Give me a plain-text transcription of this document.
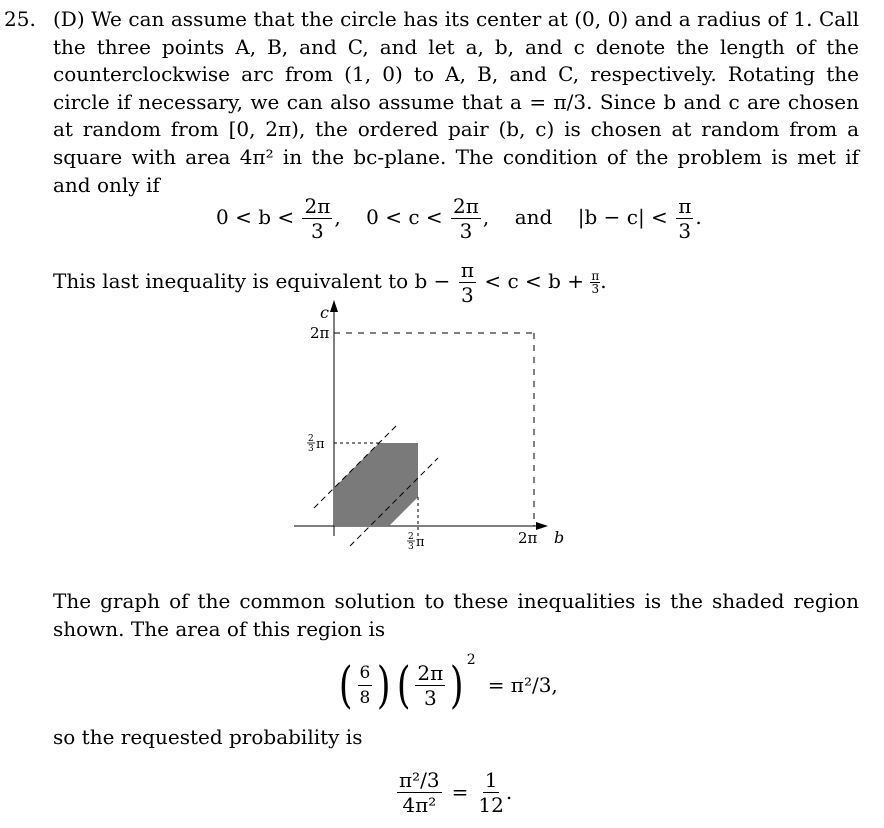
25. (D) We can assume that the circle has its center at (0, 0) and a radius of 1. Call the three points A, B, and C, and let a, b, and c denote the length of the counterclockwise arc from (1, 0) to A, B, and C, respectively. Rotating the circle if necessary, we can also assume that a = π/3. Since b and c are chosen at random from [0, 2π), the ordered pair (b, c) is chosen at random from a square with area 4π² in the bc-plane. The condition of the problem is met if and only if
$0 < b < \frac{2\pi}{3}$ ,    $0 < c < \frac{2\pi}{3}$ ,    and $|b - c| < \frac{\pi}{3}$ .
This last inequality is equivalent to $b - \frac{\pi}{3} < c < b + \frac{\pi}{3}$ .
c
2π
2π b
2
3 π
2
3 π
The graph of the common solution to these inequalities is the shaded region shown. The area of this region is
( $\frac{6}{8}$ ) ( $\frac{2\pi}{3} )^2$
= π²/3,
so the requested probability is
$\frac{\text{π²/3}}{\text{4π²}} = \frac{1}{12}$ .
